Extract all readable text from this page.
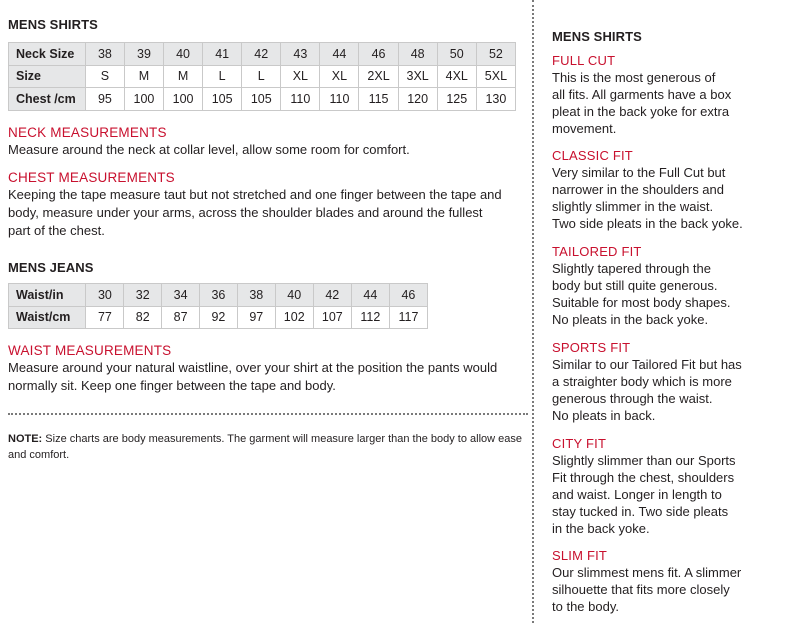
MENS SHIRTS
Neck Size	38	39	40	41	42	43	44	46	48	50	52
Size	S	M	M	L	L	XL	XL	2XL	3XL	4XL	5XL
Chest /cm	95	100	100	105	105	110	110	115	120	125	130
NECK MEASUREMENTS
Measure around the neck at collar level, allow some room for comfort.
CHEST MEASUREMENTS
Keeping the tape measure taut but not stretched and one finger between the tape and body, measure under your arms, across the shoulder blades and around the fullest part of the chest.
MENS JEANS
Waist/in	30	32	34	36	38	40	42	44	46
Waist/cm	77	82	87	92	97	102	107	112	117
WAIST MEASUREMENTS
Measure around your natural waistline, over your shirt at the position the pants would normally sit. Keep one finger between the tape and body.
NOTE: Size charts are body measurements. The garment will measure larger than the body to allow ease and comfort.
MENS SHIRTS
FULL CUT
This is the most generous of
all fits. All garments have a box
pleat in the back yoke for extra
movement.
CLASSIC FIT
Very similar to the Full Cut but
narrower in the shoulders and
slightly slimmer in the waist.
Two side pleats in the back yoke.
TAILORED FIT
Slightly tapered through the
body but still quite generous.
Suitable for most body shapes.
No pleats in the back yoke.
SPORTS FIT
Similar to our Tailored Fit but has
a straighter body which is more
generous through the waist.
No pleats in back.
CITY FIT
Slightly slimmer than our Sports
Fit through the chest, shoulders
and waist. Longer in length to
stay tucked in. Two side pleats
in the back yoke.
SLIM FIT
Our slimmest mens fit. A slimmer
silhouette that fits more closely
to the body.
